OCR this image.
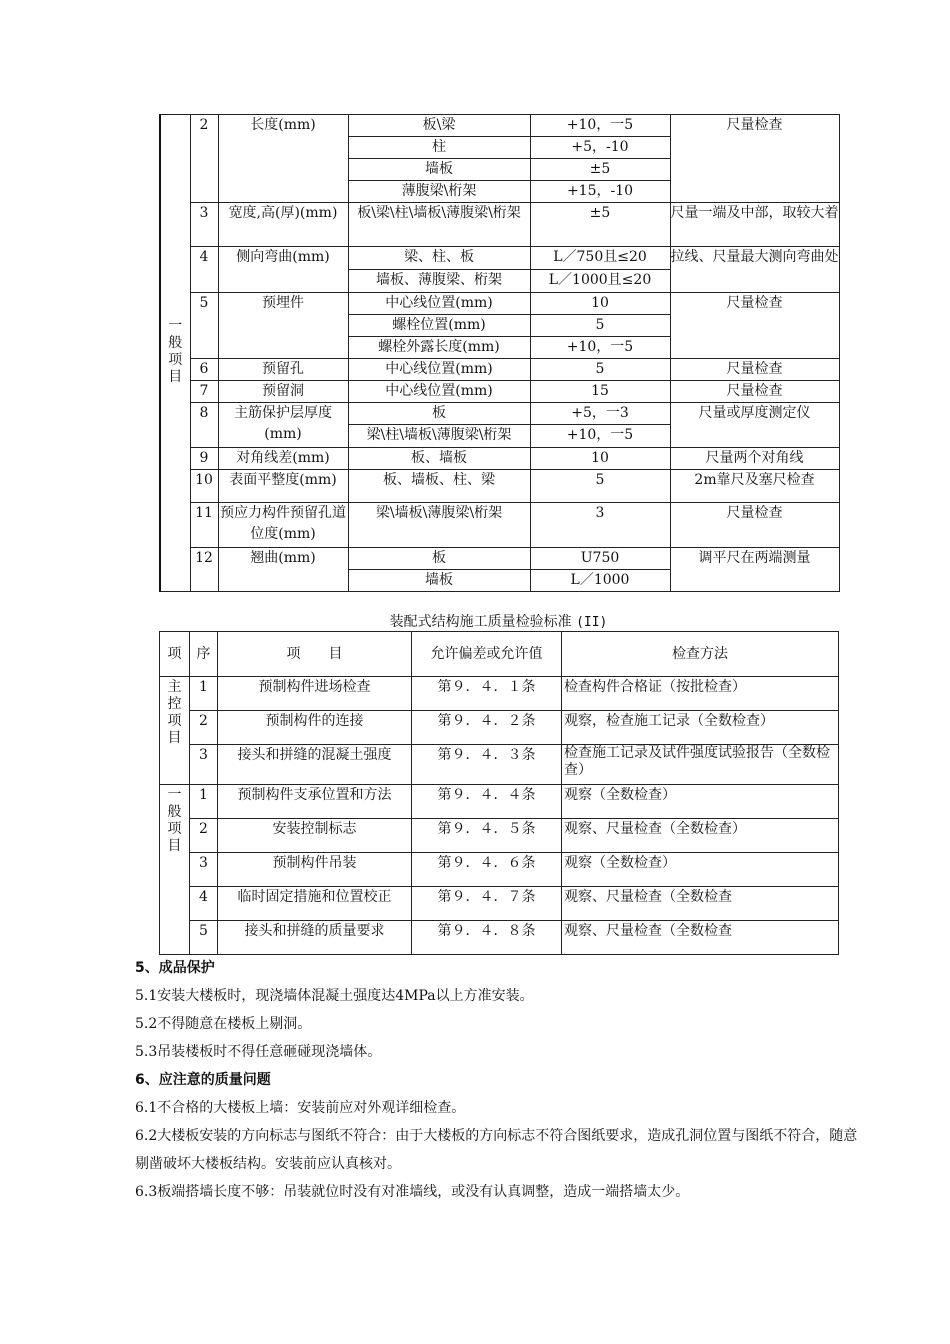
一般项目	2	长度(mm)	板\梁	+10，一5	尺量检查
			柱	+5，-10	
			墙板	±5	
			薄腹梁\桁架	+15，-10	
	3	宽度,高(厚)(mm)	板\梁\柱\墙板\薄腹梁\桁架	±5	尺量一端及中部，取较大着
	4	侧向弯曲(mm)	梁、柱、板	L／750且≤20	拉线、尺量最大测向弯曲处
			墙板、薄腹梁、桁架	L／1000且≤20	
	5	预埋件	中心线位置(mm)	10	尺量检查
			螺栓位置(mm)	5	
			螺栓外露长度(mm)	+10，一5	
	6	预留孔	中心线位置(mm)	5	尺量检查
	7	预留洞	中心线位置(mm)	15	尺量检查
	8	主筋保护层厚度(mm)	板	+5，一3	尺量或厚度测定仪
			梁\柱\墙板\薄腹梁\桁架	+10，一5	
	9	对角线差(mm)	板、墙板	10	尺量两个对角线
	10	表面平整度(mm)	板、墙板、柱、梁	5	2m靠尺及塞尺检查
	11	预应力构件预留孔道位度(mm)	梁\墙板\薄腹梁\桁架	3	尺量检查
	12	翘曲(mm)	板	U750	调平尺在两端测量
			墙板	L／1000	
装配式结构施工质量检验标准 (II)
项	序	项　　目	允许偏差或允许值	检查方法
主控项目	1	预制构件进场检查	第９．４．１条	检查构件合格证（按批检查）
	2	预制构件的连接	第９．４．２条	观察，检查施工记录（全数检查）
	3	接头和拼缝的混凝土强度	第９．４．３条	检查施工记录及试件强度试验报告（全数检查）
一般项目	1	预制构件支承位置和方法	第９．４．４条	观察（全数检查）
	2	安装控制标志	第９．４．５条	观察、尺量检查（全数检查）
	3	预制构件吊装	第９．４．６条	观察（全数检查）
	4	临时固定措施和位置校正	第９．４．７条	观察、尺量检查（全数检查
	5	接头和拼缝的质量要求	第９．４．８条	观察、尺量检查（全数检查
5、成品保护
5.1安装大楼板时，现浇墙体混凝土强度达4MPa以上方准安装。
5.2不得随意在楼板上剔洞。
5.3吊装楼板时不得任意砸碰现浇墙体。
6、应注意的质量问题
6.1不合格的大楼板上墙：安装前应对外观详细检查。
6.2大楼板安装的方向标志与图纸不符合：由于大楼板的方向标志不符合图纸要求，造成孔洞位置与图纸不符合，随意剔凿破坏大楼板结构。安装前应认真核对。
6.3板端搭墙长度不够：吊装就位时没有对准墙线，或没有认真调整，造成一端搭墙太少。
